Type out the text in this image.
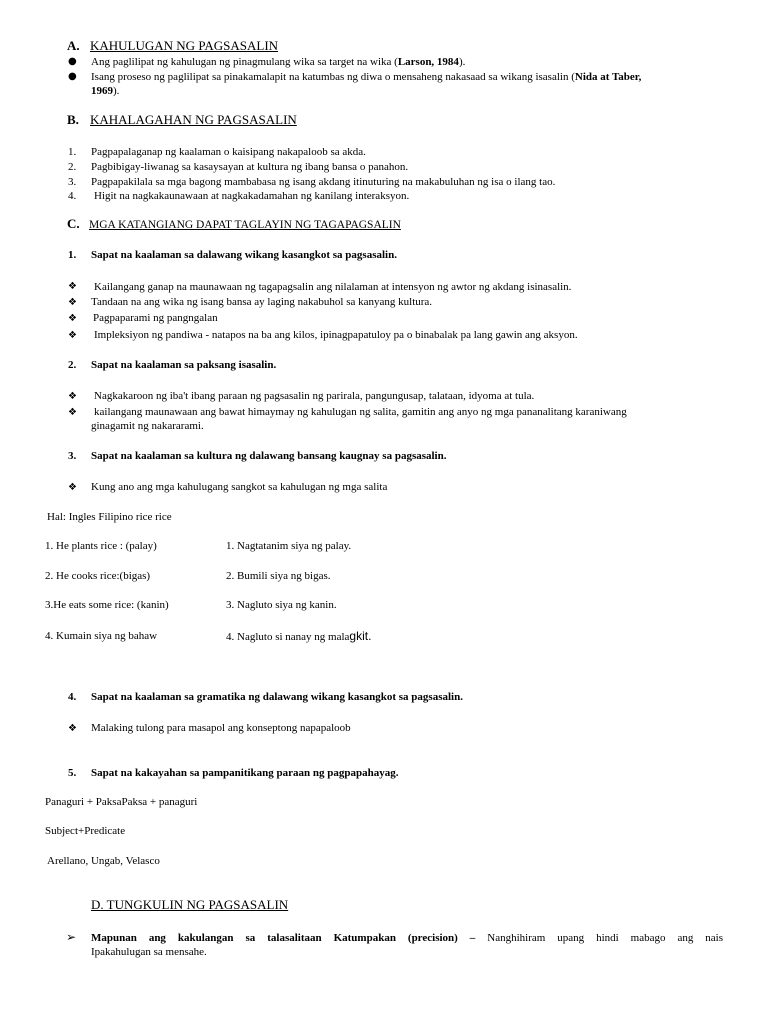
A. KAHULUGAN NG PAGSASALIN
● Ang paglilipat ng kahulugan ng pinagmulang wika sa target na wika (Larson, 1984).
● Isang proseso ng paglilipat sa pinakamalapit na katumbas ng diwa o mensaheng nakasaad sa wikang isasalin (Nida at Taber,
1969).
B. KAHALAGAHAN NG PAGSASALIN
1. Pagpapalaganap ng kaalaman o kaisipang nakapaloob sa akda.
2. Pagbibigay-liwanag sa kasaysayan at kultura ng ibang bansa o panahon.
3. Pagpapakilala sa mga bagong mambabasa ng isang akdang itinuturing na makabuluhan ng isa o ilang tao.
4. Higit na nagkakaunawaan at nagkakadamahan ng kanilang interaksyon.
C. MGA KATANGIANG DAPAT TAGLAYIN NG TAGAPAGSALIN
1. Sapat na kaalaman sa dalawang wikang kasangkot sa pagsasalin.
❖ Kailangang ganap na maunawaan ng tagapagsalin ang nilalaman at intensyon ng awtor ng akdang isinasalin.
❖ Tandaan na ang wika ng isang bansa ay laging nakabuhol sa kanyang kultura.
❖ Pagpaparami ng pangngalan
❖ Impleksiyon ng pandiwa - natapos na ba ang kilos, ipinagpapatuloy pa o binabalak pa lang gawin ang aksyon.
2. Sapat na kaalaman sa paksang isasalin.
❖ Nagkakaroon ng iba't ibang paraan ng pagsasalin ng parirala, pangungusap, talataan, idyoma at tula.
❖ kailangang maunawaan ang bawat himaymay ng kahulugan ng salita, gamitin ang anyo ng mga pananalitang karaniwang
ginagamit ng nakararami.
3. Sapat na kaalaman sa kultura ng dalawang bansang kaugnay sa pagsasalin.
❖ Kung ano ang mga kahulugang sangkot sa kahulugan ng mga salita
Hal: Ingles Filipino rice rice
1. He plants rice : (palay)	1. Nagtatanim siya ng palay.
2. He cooks rice:(bigas)	2. Bumili siya ng bigas.
3.He eats some rice: (kanin)	3. Nagluto siya ng kanin.
4. Kumain siya ng bahaw	4. Nagluto si nanay ng malagkit.
4. Sapat na kaalaman sa gramatika ng dalawang wikang kasangkot sa pagsasalin.
❖ Malaking tulong para masapol ang konseptong napapaloob
5. Sapat na kakayahan sa pampanitikang paraan ng pagpapahayag.
Panaguri + PaksaPaksa + panaguri
Subject+Predicate
Arellano, Ungab, Velasco
D. TUNGKULIN NG PAGSASALIN
➢ Mapunan ang kakulangan sa talasalitaan Katumpakan (precision) – Nanghihiram upang hindi mabago ang nais
Ipakahulugan sa mensahe.
